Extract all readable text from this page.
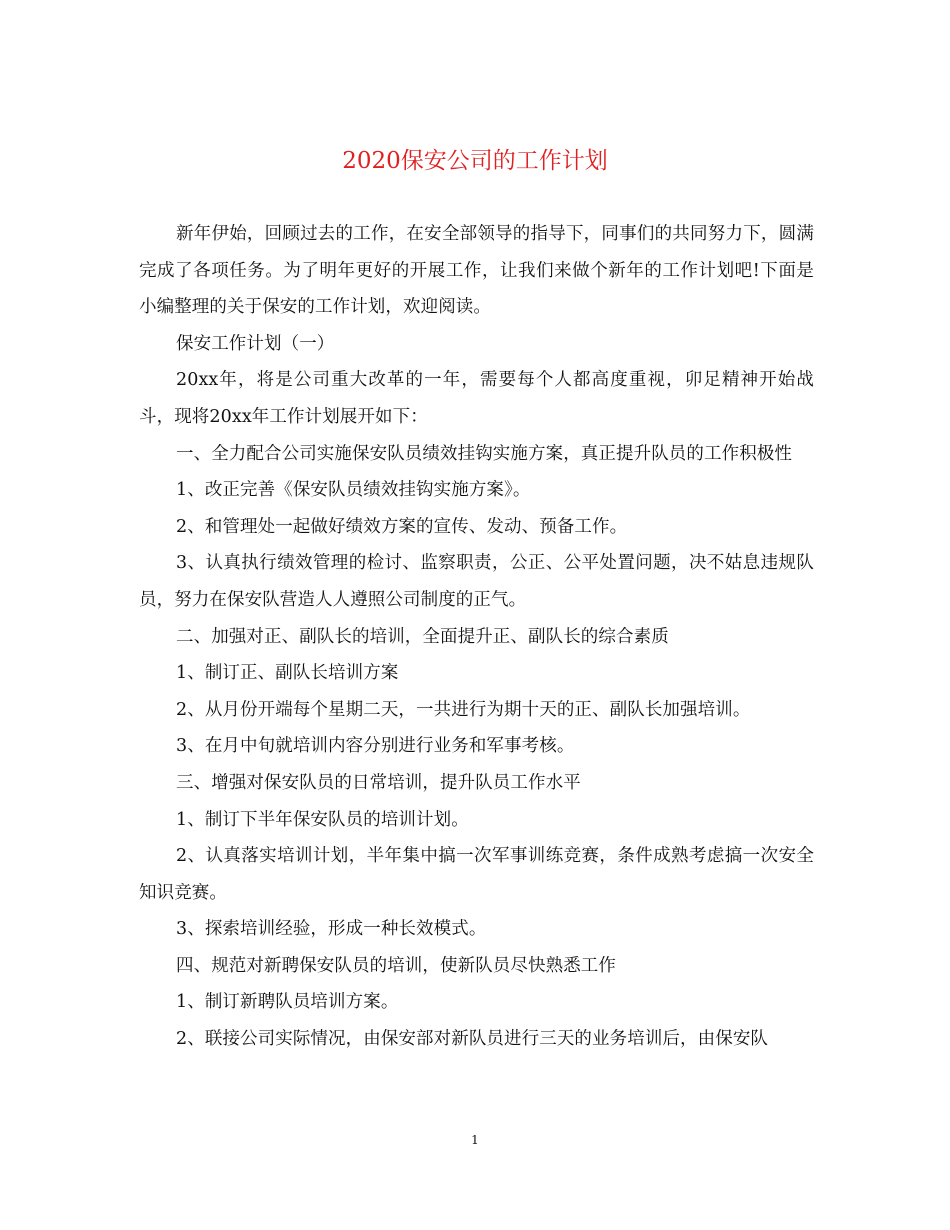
2020保安公司的工作计划

新年伊始，回顾过去的工作，在安全部领导的指导下，同事们的共同努力下，圆满完成了各项任务。为了明年更好的开展工作，让我们来做个新年的工作计划吧!下面是小编整理的关于保安的工作计划，欢迎阅读。

保安工作计划（一）

20xx年，将是公司重大改革的一年，需要每个人都高度重视，卯足精神开始战斗，现将20xx年工作计划展开如下：

一、全力配合公司实施保安队员绩效挂钩实施方案，真正提升队员的工作积极性

1、改正完善《保安队员绩效挂钩实施方案》。

2、和管理处一起做好绩效方案的宣传、发动、预备工作。

3、认真执行绩效管理的检讨、监察职责，公正、公平处置问题，决不姑息违规队员，努力在保安队营造人人遵照公司制度的正气。

二、加强对正、副队长的培训，全面提升正、副队长的综合素质

1、制订正、副队长培训方案

2、从月份开端每个星期二天，一共进行为期十天的正、副队长加强培训。

3、在月中旬就培训内容分别进行业务和军事考核。

三、增强对保安队员的日常培训，提升队员工作水平

1、制订下半年保安队员的培训计划。

2、认真落实培训计划，半年集中搞一次军事训练竞赛，条件成熟考虑搞一次安全知识竞赛。

3、探索培训经验，形成一种长效模式。

四、规范对新聘保安队员的培训，使新队员尽快熟悉工作

1、制订新聘队员培训方案。

2、联接公司实际情况，由保安部对新队员进行三天的业务培训后，由保安队

1
